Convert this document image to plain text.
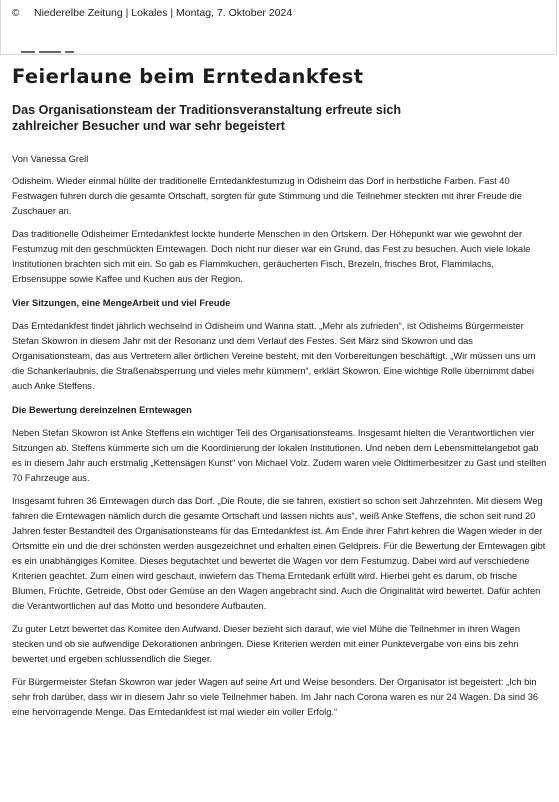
© Niederelbe Zeitung | Lokales | Montag, 7. Oktober 2024
Feierlaune beim Erntedankfest
Das Organisationsteam der Traditionsveranstaltung erfreute sich zahlreicher Besucher und war sehr begeistert
Von Vanessa Grell

Odisheim. Wieder einmal hüllte der traditionelle Erntedankfestumzug in Odisheim das Dorf in herbstliche Farben. Fast 40 Festwagen fuhren durch die gesamte Ortschaft, sorgten für gute Stimmung und die Teilnehmer steckten mit ihrer Freude die Zuschauer an.

Das traditionelle Odisheimer Erntedankfest lockte hunderte Menschen in den Ortskern. Der Höhepunkt war wie gewohnt der Festumzug mit den geschmückten Erntewagen. Doch nicht nur dieser war ein Grund, das Fest zu besuchen. Auch viele lokale Institutionen brachten sich mit ein. So gab es Flammkuchen, geräucherten Fisch, Brezeln, frisches Brot, Flammlachs, Erbsensuppe sowie Kaffee und Kuchen aus der Region.

Vier Sitzungen, eine MengeArbeit und viel Freude

Das Erntedankfest findet jährlich wechselnd in Odisheim und Wanna statt. „Mehr als zufrieden“, ist Odisheims Bürgermeister Stefan Skowron in diesem Jahr mit der Resonanz und dem Verlauf des Festes. Seit März sind Skowron und das Organisationsteam, das aus Vertretern aller örtlichen Vereine besteht, mit den Vorbereitungen beschäftigt. „Wir müssen uns um die Schankerlaubnis, die Straßenabsperrung und vieles mehr kümmern“, erklärt Skowron. Eine wichtige Rolle übernimmt dabei auch Anke Steffens.

Die Bewertung dereinzelnen Erntewagen

Neben Stefan Skowron ist Anke Steffens ein wichtiger Teil des Organisationsteams. Insgesamt hielten die Verantwortlichen vier Sitzungen ab. Steffens kümmerte sich um die Koordinierung der lokalen Institutionen. Und neben dem Lebensmittelangebot gab es in diesem Jahr auch erstmalig „Kettensägen Kunst“ von Michael Volz. Zudem waren viele Oldtimerbesitzer zu Gast und stellten 70 Fahrzeuge aus.

Insgesamt fuhren 36 Erntewagen durch das Dorf. „Die Route, die sie fahren, existiert so schon seit Jahrzehnten. Mit diesem Weg fahren die Erntewagen nämlich durch die gesamte Ortschaft und lassen nichts aus“, weiß Anke Steffens, die schon seit rund 20 Jahren fester Bestandteil des Organisationsteams für das Erntedankfest ist. Am Ende ihrer Fahrt kehren die Wagen wieder in der Ortsmitte ein und die drei schönsten werden ausgezeichnet und erhalten einen Geldpreis. Für die Bewertung der Erntewagen gibt es ein unabhängiges Komitee. Dieses begutachtet und bewertet die Wagen vor dem Festumzug. Dabei wird auf verschiedene Kriterien geachtet. Zum einen wird geschaut, inwiefern das Thema Erntedank erfüllt wird. Hierbei geht es darum, ob frische Blumen, Früchte, Getreide, Obst oder Gemüse an den Wagen angebracht sind. Auch die Originalität wird bewertet. Dafür achten die Verantwortlichen auf das Motto und besondere Aufbauten.

Zu guter Letzt bewertet das Komitee den Aufwand. Dieser bezieht sich darauf, wie viel Mühe die Teilnehmer in ihren Wagen stecken und ob sie aufwendige Dekorationen anbringen. Diese Kriterien werden mit einer Punktevergabe von eins bis zehn bewertet und ergeben schlussendlich die Sieger.

Für Bürgermeister Stefan Skowron war jeder Wagen auf seine Art und Weise besonders. Der Organisator ist begeistert: „Ich bin sehr froh darüber, dass wir in diesem Jahr so viele Teilnehmer haben. Im Jahr nach Corona waren es nur 24 Wagen. Da sind 36 eine hervorragende Menge. Das Erntedankfest ist mal wieder ein voller Erfolg.“
